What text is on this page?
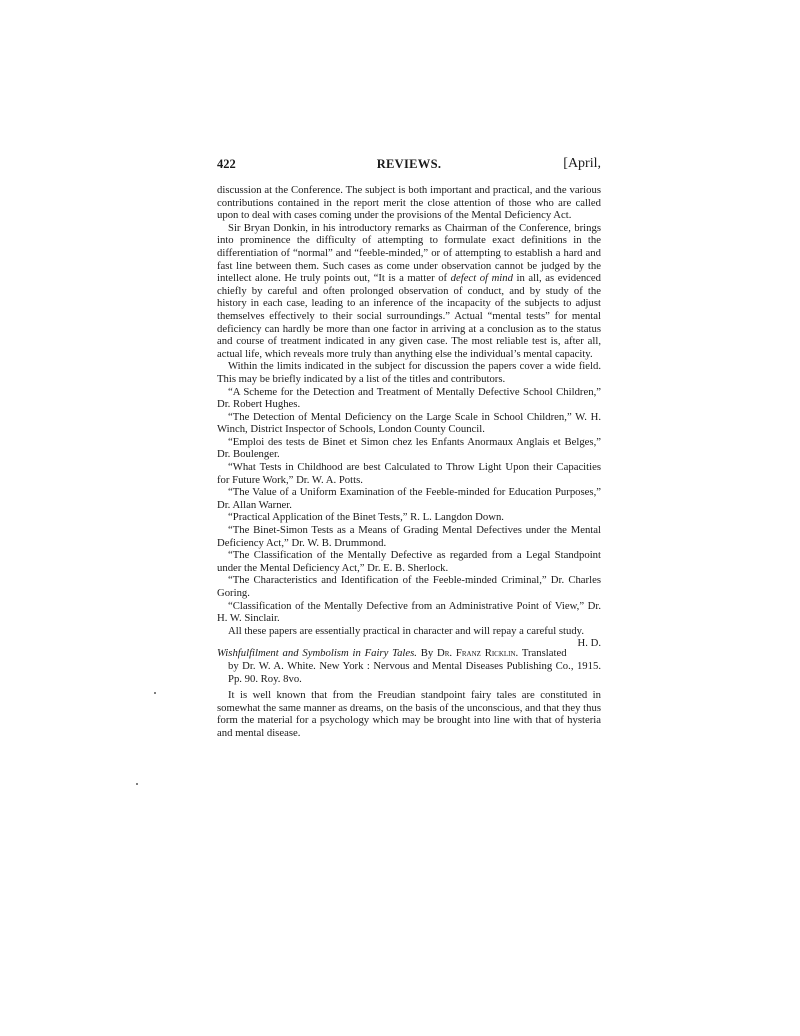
422	REVIEWS.	[April,

discussion at the Conference. The subject is both important and practical, and the various contributions contained in the report merit the close attention of those who are called upon to deal with cases coming under the provisions of the Mental Deficiency Act.

Sir Bryan Donkin, in his introductory remarks as Chairman of the Conference, brings into prominence the difficulty of attempting to formulate exact definitions in the differentiation of “normal” and “feeble-minded,” or of attempting to establish a hard and fast line between them. Such cases as come under observation cannot be judged by the intellect alone. He truly points out, “It is a matter of defect of mind in all, as evidenced chiefly by careful and often prolonged observation of conduct, and by study of the history in each case, leading to an inference of the incapacity of the subjects to adjust themselves effectively to their social surroundings.” Actual “mental tests” for mental deficiency can hardly be more than one factor in arriving at a conclusion as to the status and course of treatment indicated in any given case. The most reliable test is, after all, actual life, which reveals more truly than anything else the individual’s mental capacity.

Within the limits indicated in the subject for discussion the papers cover a wide field. This may be briefly indicated by a list of the titles and contributors.

“A Scheme for the Detection and Treatment of Mentally Defective School Children,” Dr. Robert Hughes.

“The Detection of Mental Deficiency on the Large Scale in School Children,” W. H. Winch, District Inspector of Schools, London County Council.

“Emploi des tests de Binet et Simon chez les Enfants Anormaux Anglais et Belges,” Dr. Boulenger.

“What Tests in Childhood are best Calculated to Throw Light Upon their Capacities for Future Work,” Dr. W. A. Potts.

“The Value of a Uniform Examination of the Feeble-minded for Education Purposes,” Dr. Allan Warner.

“Practical Application of the Binet Tests,” R. L. Langdon Down.

“The Binet-Simon Tests as a Means of Grading Mental Defectives under the Mental Deficiency Act,” Dr. W. B. Drummond.

“The Classification of the Mentally Defective as regarded from a Legal Standpoint under the Mental Deficiency Act,” Dr. E. B. Sherlock.

“The Characteristics and Identification of the Feeble-minded Criminal,” Dr. Charles Goring.

“Classification of the Mentally Defective from an Administrative Point of View,” Dr. H. W. Sinclair.

All these papers are essentially practical in character and will repay a careful study.
H. D.

Wishfulfilment and Symbolism in Fairy Tales. By Dr. Franz Ricklin. Translated by Dr. W. A. White. New York : Nervous and Mental Diseases Publishing Co., 1915. Pp. 90. Roy. 8vo.

It is well known that from the Freudian standpoint fairy tales are constituted in somewhat the same manner as dreams, on the basis of the unconscious, and that they thus form the material for a psychology which may be brought into line with that of hysteria and mental disease.
